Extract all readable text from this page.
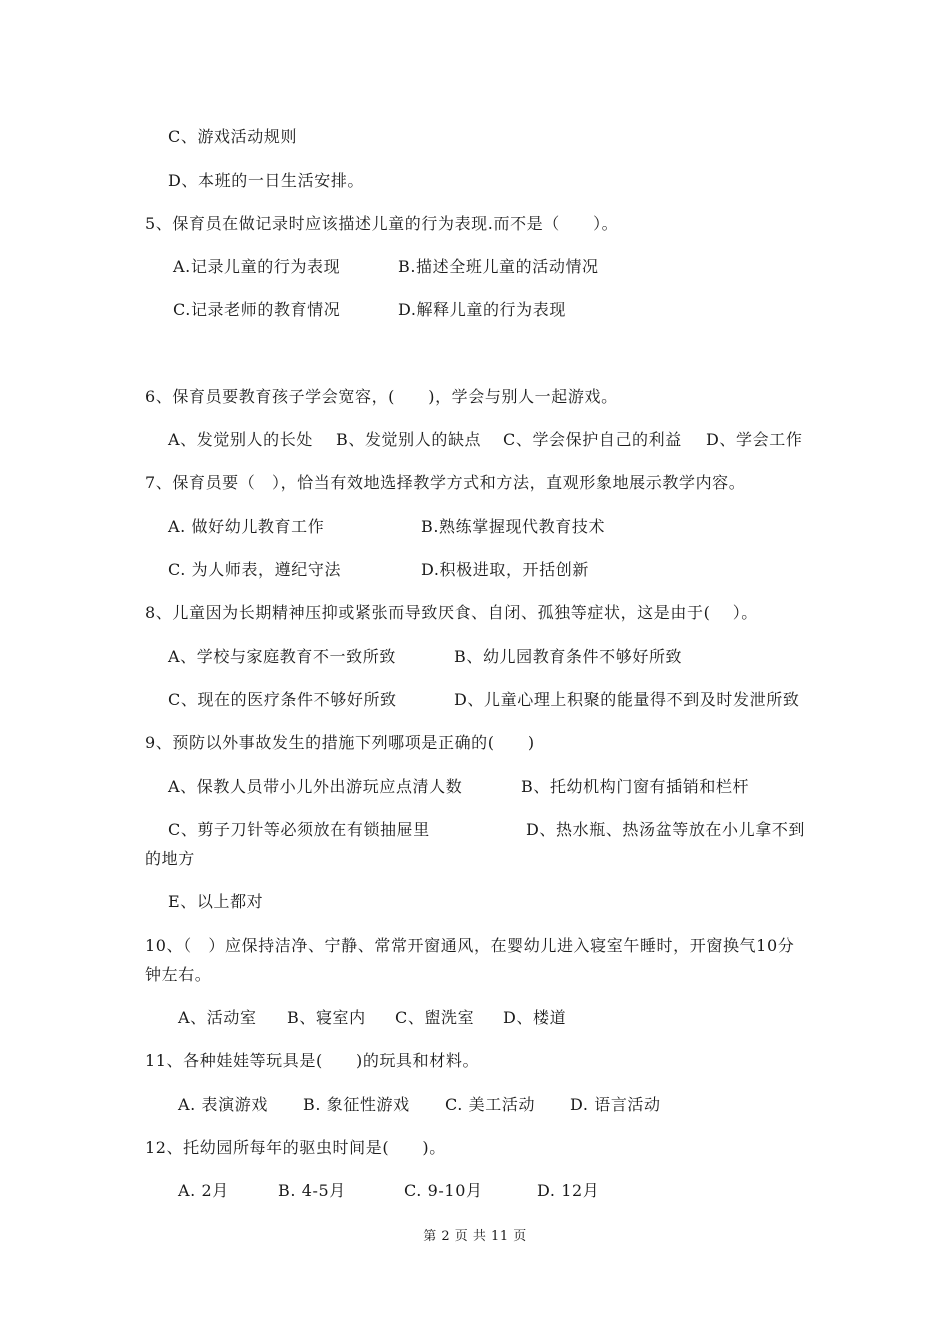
C、游戏活动规则
D、本班的一日生活安排。
5、保育员在做记录时应该描述儿童的行为表现.而不是（　　）。
A.记录儿童的行为表现	B.描述全班儿童的活动情况
C.记录老师的教育情况	D.解释儿童的行为表现
6、保育员要教育孩子学会宽容，(　　)，学会与别人一起游戏。
A、发觉别人的长处 B、发觉别人的缺点 C、学会保护自己的利益 D、学会工作
7、保育员要（　），恰当有效地选择教学方式和方法，直观形象地展示教学内容。
A. 做好幼儿教育工作	B.熟练掌握现代教育技术
C. 为人师表，遵纪守法	D.积极进取，开括创新
8、儿童因为长期精神压抑或紧张而导致厌食、自闭、孤独等症状，这是由于(　 ）。
A、学校与家庭教育不一致所致	B、幼儿园教育条件不够好所致
C、现在的医疗条件不够好所致	D、儿童心理上积聚的能量得不到及时发泄所致
9、预防以外事故发生的措施下列哪项是正确的(　　)
A、保教人员带小儿外出游玩应点清人数	B、托幼机构门窗有插销和栏杆
C、剪子刀针等必须放在有锁抽屉里	D、热水瓶、热汤盆等放在小儿拿不到
的地方
E、以上都对
10、（　）应保持洁净、宁静、常常开窗通风，在婴幼儿进入寝室午睡时，开窗换气10分
钟左右。
A、活动室 B、寝室内 C、盥洗室 D、楼道
11、各种娃娃等玩具是(　　)的玩具和材料。
A. 表演游戏 B. 象征性游戏 C. 美工活动 D. 语言活动
12、托幼园所每年的驱虫时间是(　　)。
A. 2月	B. 4-5月	C. 9-10月	D. 12月
第 2 页 共 11 页
